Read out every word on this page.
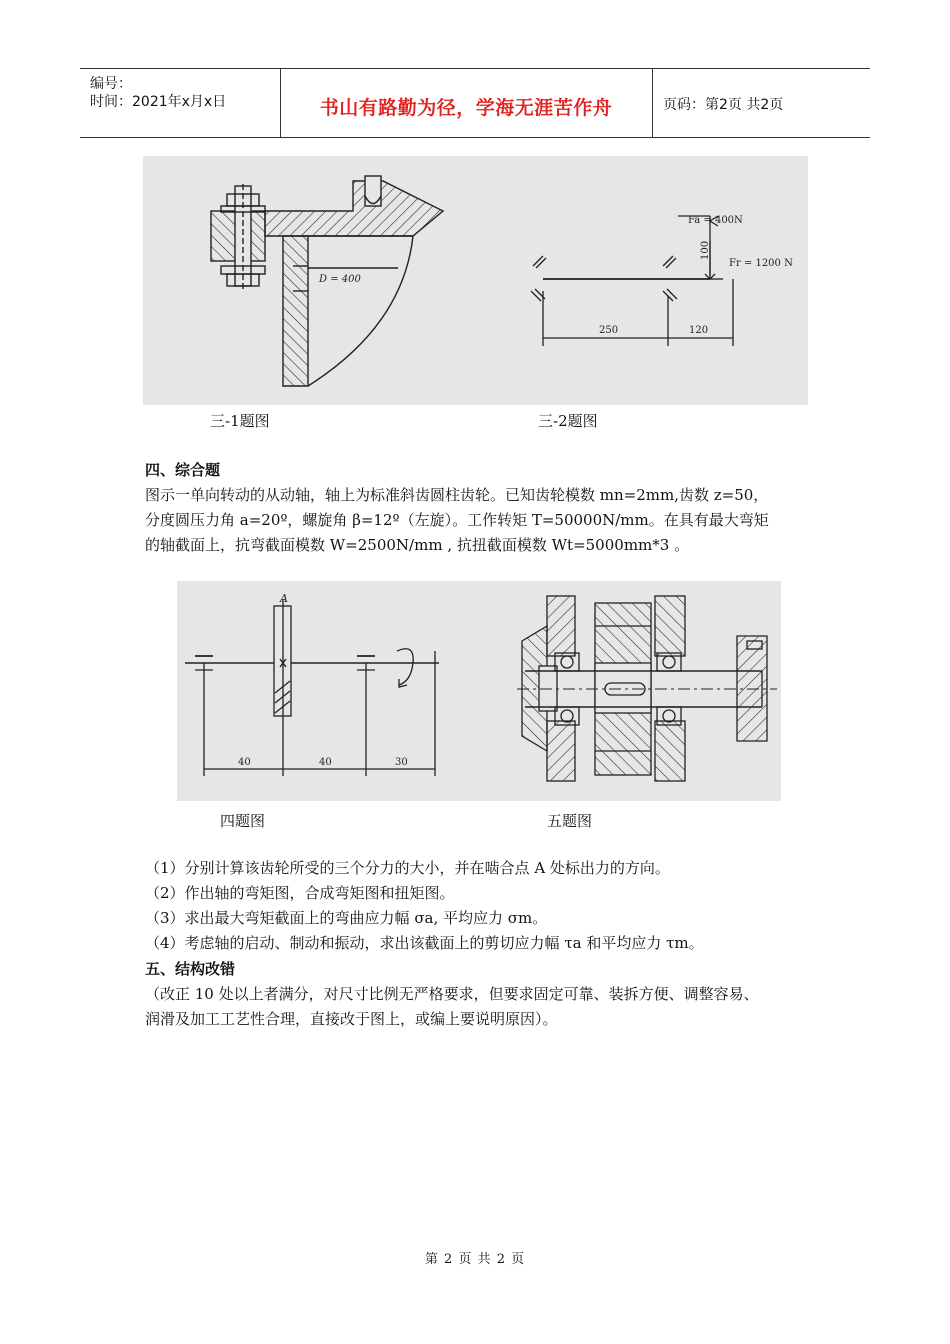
编号：
时间：2021年x月x日	书山有路勤为径，学海无涯苦作舟	页码：第2页 共2页
D = 400
Fa = 400N
Fr = 1200 N
100
250	120
三-1题图	三-2题图
四、综合题
图示一单向转动的从动轴，轴上为标准斜齿圆柱齿轮。已知齿轮模数 mn=2mm,齿数 z=50，
分度圆压力角 a=20º，螺旋角 β=12º（左旋）。工作转矩 T=50000N/mm。在具有最大弯矩
的轴截面上，抗弯截面模数 W=2500N/mm , 抗扭截面模数 Wt=5000mm*3 。
A
40	40	30
四题图	五题图
（1）分别计算该齿轮所受的三个分力的大小，并在啮合点 A 处标出力的方向。
（2）作出轴的弯矩图，合成弯矩图和扭矩图。
（3）求出最大弯矩截面上的弯曲应力幅 σa, 平均应力 σm。
（4）考虑轴的启动、制动和振动，求出该截面上的剪切应力幅 τa 和平均应力 τm。
五、结构改错
（改正 10 处以上者满分，对尺寸比例无严格要求，但要求固定可靠、装拆方便、调整容易、
润滑及加工工艺性合理，直接改于图上，或编上要说明原因）。
第 2 页 共 2 页
